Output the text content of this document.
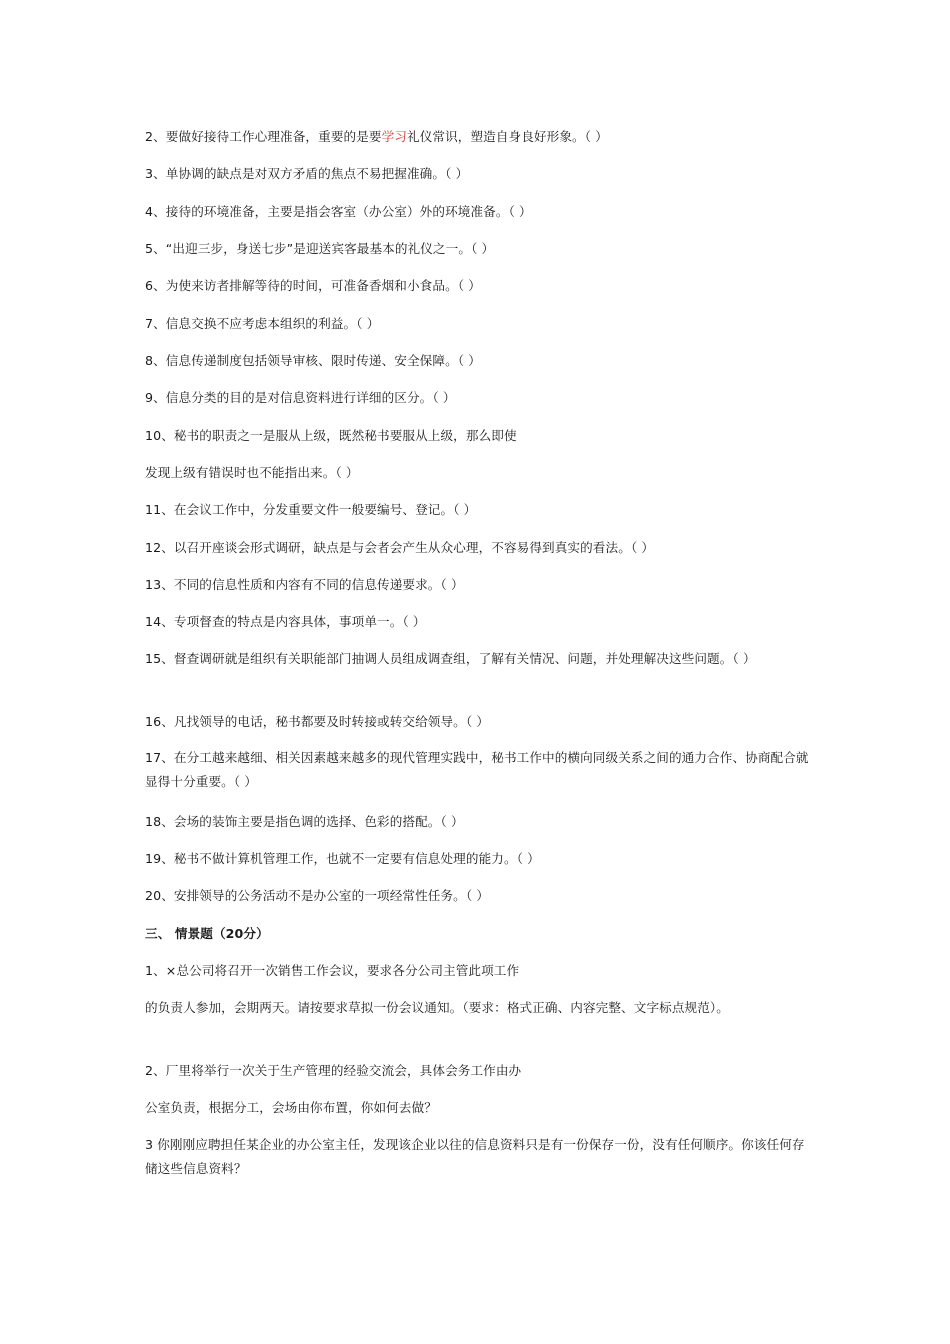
2、要做好接待工作心理准备，重要的是要学习礼仪常识，塑造自身良好形象。（ ）
3、单协调的缺点是对双方矛盾的焦点不易把握准确。（ ）
4、接待的环境准备，主要是指会客室（办公室）外的环境准备。（ ）
5、“出迎三步，身送七步”是迎送宾客最基本的礼仪之一。（ ）
6、为使来访者排解等待的时间，可准备香烟和小食品。（ ）
7、信息交换不应考虑本组织的利益。（ ）
8、信息传递制度包括领导审核、限时传递、安全保障。（ ）
9、信息分类的目的是对信息资料进行详细的区分。（ ）
10、秘书的职责之一是服从上级，既然秘书要服从上级，那么即使
发现上级有错误时也不能指出来。（ ）
11、在会议工作中，分发重要文件一般要编号、登记。（ ）
12、以召开座谈会形式调研，缺点是与会者会产生从众心理，不容易得到真实的看法。（ ）
13、不同的信息性质和内容有不同的信息传递要求。（ ）
14、专项督查的特点是内容具体，事项单一。（ ）
15、督查调研就是组织有关职能部门抽调人员组成调查组，了解有关情况、问题，并处理解决这些问题。（ ）
16、凡找领导的电话，秘书都要及时转接或转交给领导。（ ）
17、在分工越来越细、相关因素越来越多的现代管理实践中，秘书工作中的横向同级关系之间的通力合作、协商配合就显得十分重要。（ ）
18、会场的装饰主要是指色调的选择、色彩的搭配。（ ）
19、秘书不做计算机管理工作，也就不一定要有信息处理的能力。（ ）
20、安排领导的公务活动不是办公室的一项经常性任务。（ ）
三、 情景题（20分）
1、×总公司将召开一次销售工作会议，要求各分公司主管此项工作
的负责人参加，会期两天。请按要求草拟一份会议通知。（要求：格式正确、内容完整、文字标点规范）。
2、厂里将举行一次关于生产管理的经验交流会，具体会务工作由办
公室负责，根据分工，会场由你布置，你如何去做？
3 你刚刚应聘担任某企业的办公室主任，发现该企业以往的信息资料只是有一份保存一份，没有任何顺序。你该任何存储这些信息资料？
